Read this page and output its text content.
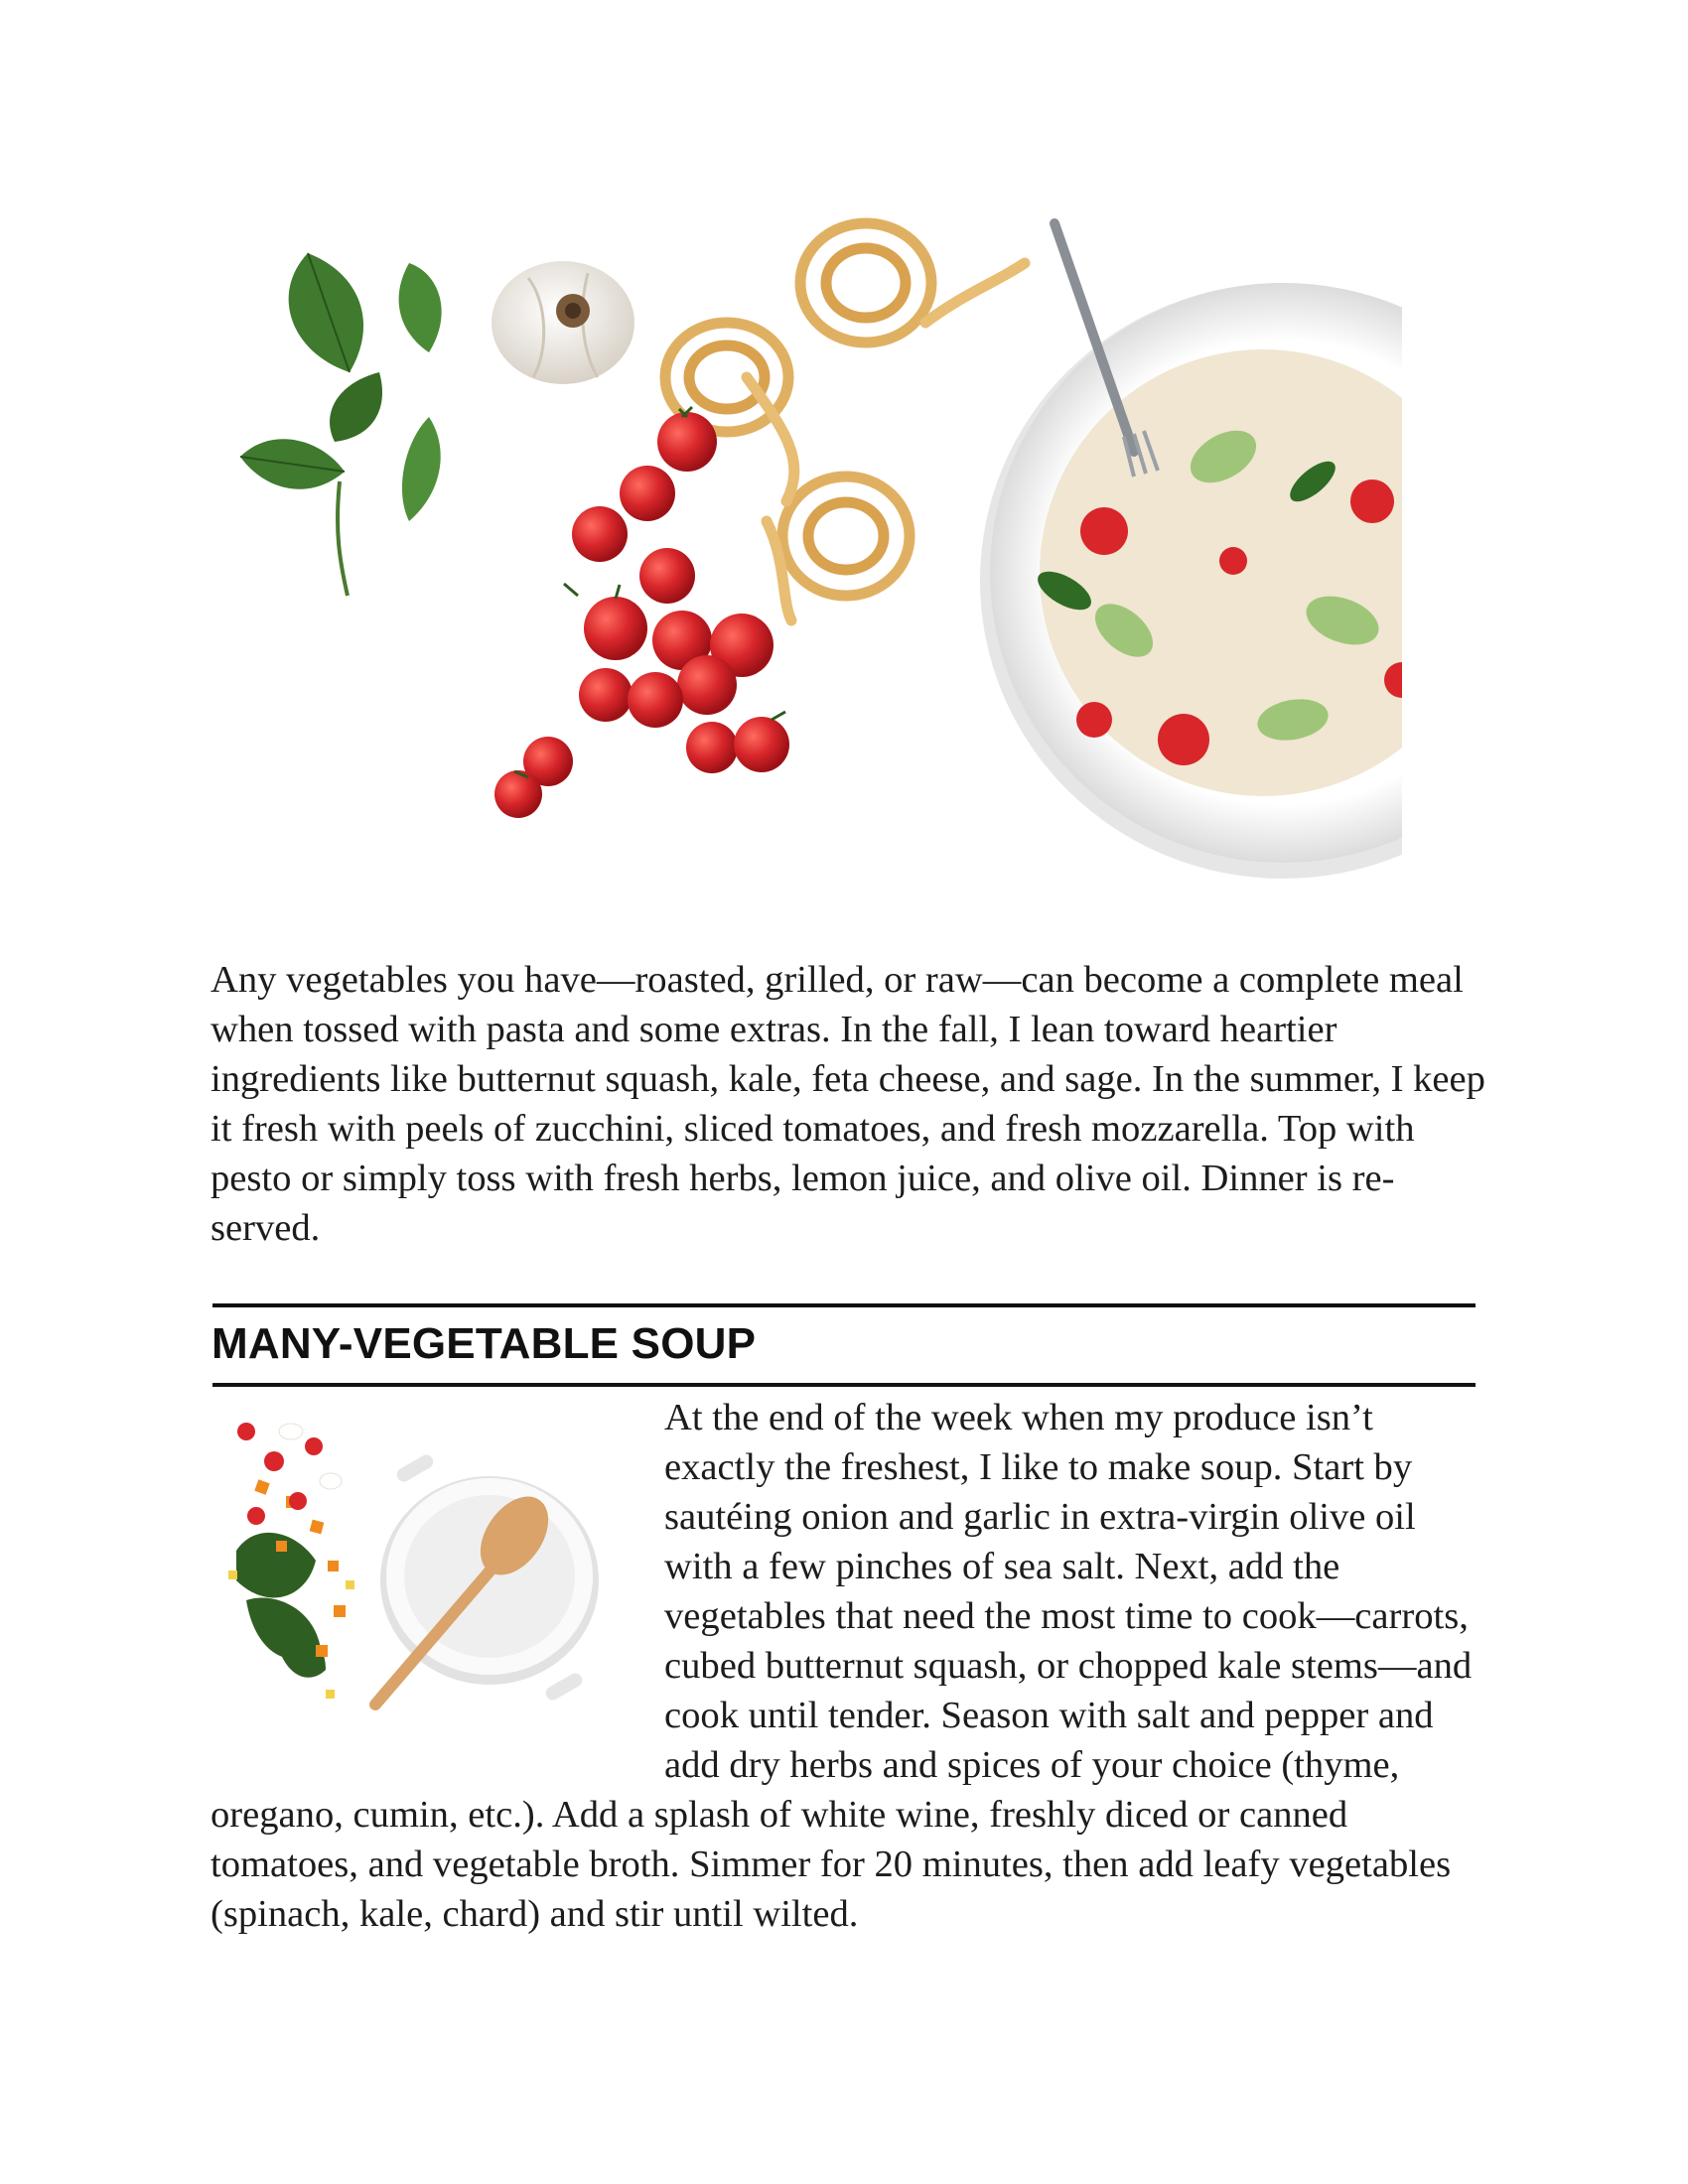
Any vegetables you have—roasted, grilled, or raw—can become a complete meal when tossed with pasta and some extras. In the fall, I lean toward heartier ingredients like butternut squash, kale, feta cheese, and sage. In the summer, I keep it fresh with peels of zucchini, sliced tomatoes, and fresh mozzarella. Top with pesto or simply toss with fresh herbs, lemon juice, and olive oil. Dinner is re-served.

MANY-VEGETABLE SOUP

At the end of the week when my produce isn’t exactly the freshest, I like to make soup. Start by sautéing onion and garlic in extra-virgin olive oil with a few pinches of sea salt. Next, add the vegetables that need the most time to cook—carrots, cubed butternut squash, or chopped kale stems—and cook until tender. Season with salt and pepper and add dry herbs and spices of your choice (thyme, oregano, cumin, etc.). Add a splash of white wine, freshly diced or canned tomatoes, and vegetable broth. Simmer for 20 minutes, then add leafy vegetables (spinach, kale, chard) and stir until wilted.
